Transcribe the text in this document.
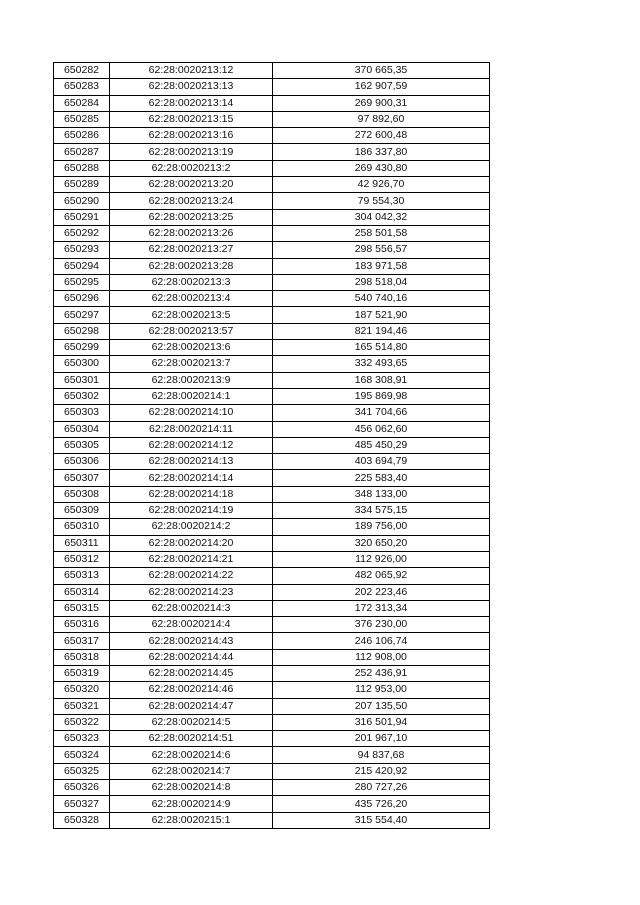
650282	62:28:0020213:12	370 665,35
650283	62:28:0020213:13	162 907,59
650284	62:28:0020213:14	269 900,31
650285	62:28:0020213:15	97 892,60
650286	62:28:0020213:16	272 600,48
650287	62:28:0020213:19	186 337,80
650288	62:28:0020213:2	269 430,80
650289	62:28:0020213:20	42 926,70
650290	62:28:0020213:24	79 554,30
650291	62:28:0020213:25	304 042,32
650292	62:28:0020213:26	258 501,58
650293	62:28:0020213:27	298 556,57
650294	62:28:0020213:28	183 971,58
650295	62:28:0020213:3	298 518,04
650296	62:28:0020213:4	540 740,16
650297	62:28:0020213:5	187 521,90
650298	62:28:0020213:57	821 194,46
650299	62:28:0020213:6	165 514,80
650300	62:28:0020213:7	332 493,65
650301	62:28:0020213:9	168 308,91
650302	62:28:0020214:1	195 869,98
650303	62:28:0020214:10	341 704,66
650304	62:28:0020214:11	456 062,60
650305	62:28:0020214:12	485 450,29
650306	62:28:0020214:13	403 694,79
650307	62:28:0020214:14	225 583,40
650308	62:28:0020214:18	348 133,00
650309	62:28:0020214:19	334 575,15
650310	62:28:0020214:2	189 756,00
650311	62:28:0020214:20	320 650,20
650312	62:28:0020214:21	112 926,00
650313	62:28:0020214:22	482 065,92
650314	62:28:0020214:23	202 223,46
650315	62:28:0020214:3	172 313,34
650316	62:28:0020214:4	376 230,00
650317	62:28:0020214:43	246 106,74
650318	62:28:0020214:44	112 908,00
650319	62:28:0020214:45	252 436,91
650320	62:28:0020214:46	112 953,00
650321	62:28:0020214:47	207 135,50
650322	62:28:0020214:5	316 501,94
650323	62:28:0020214:51	201 967,10
650324	62:28:0020214:6	94 837,68
650325	62:28:0020214:7	215 420,92
650326	62:28:0020214:8	280 727,26
650327	62:28:0020214:9	435 726,20
650328	62:28:0020215:1	315 554,40
